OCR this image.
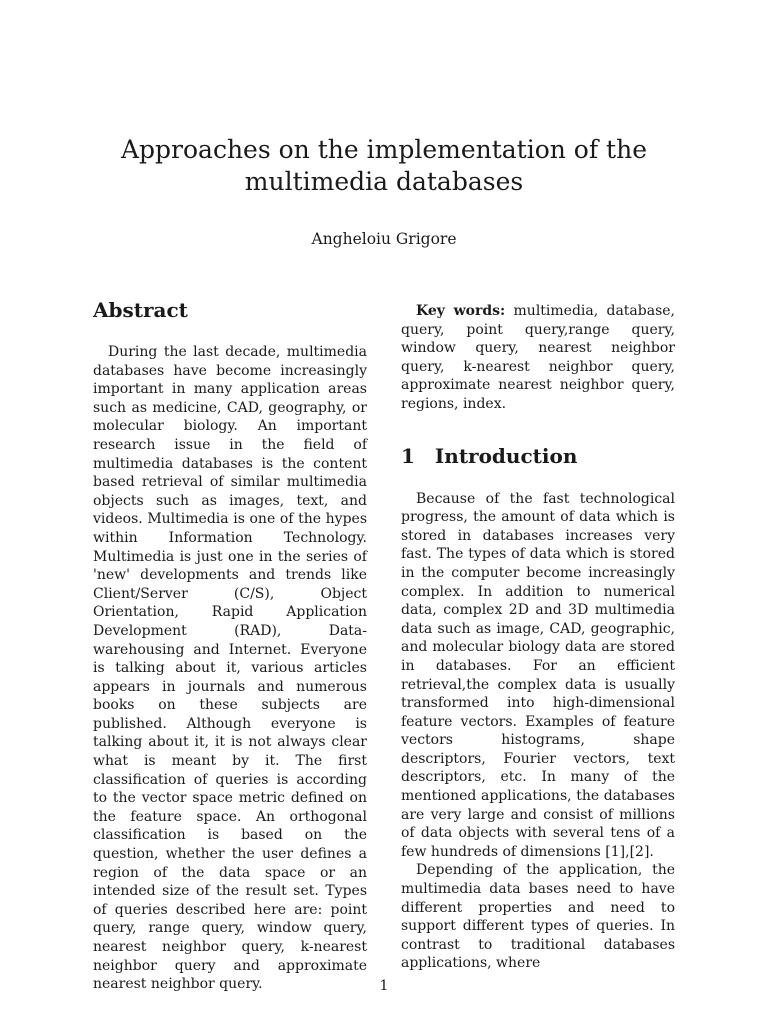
Approaches on the implementation of the multimedia databases
Angheloiu Grigore
Abstract

During the last decade, multimedia databases have become increasingly important in many application areas such as medicine, CAD, geography, or molecular biology. An important research issue in the field of multimedia databases is the content based retrieval of similar multimedia objects such as images, text, and videos. Multimedia is one of the hypes within Information Technology. Multimedia is just one in the series of 'new' developments and trends like Client/Server (C/S), Object Orientation, Rapid Application Development (RAD), Data-warehousing and Internet. Everyone is talking about it, various articles appears in journals and numerous books on these subjects are published. Although everyone is talking about it, it is not always clear what is meant by it. The first classification of queries is according to the vector space metric defined on the feature space. An orthogonal classification is based on the question, whether the user defines a region of the data space or an intended size of the result set. Types of queries described here are: point query, range query, window query, nearest neighbor query, k-nearest neighbor query and approximate nearest neighbor query.

Key words: multimedia, database, query, point query,range query, window query, nearest neighbor query, k-nearest neighbor query, approximate nearest neighbor query, regions, index.

1 Introduction

Because of the fast technological progress, the amount of data which is stored in databases increases very fast. The types of data which is stored in the computer become increasingly complex. In addition to numerical data, complex 2D and 3D multimedia data such as image, CAD, geographic, and molecular biology data are stored in databases. For an efficient retrieval,the complex data is usually transformed into high-dimensional feature vectors. Examples of feature vectors histograms, shape descriptors, Fourier vectors, text descriptors, etc. In many of the mentioned applications, the databases are very large and consist of millions of data objects with several tens of a few hundreds of dimensions [1],[2].

Depending of the application, the multimedia data bases need to have different properties and need to support different types of queries. In contrast to traditional databases applications, where

1
